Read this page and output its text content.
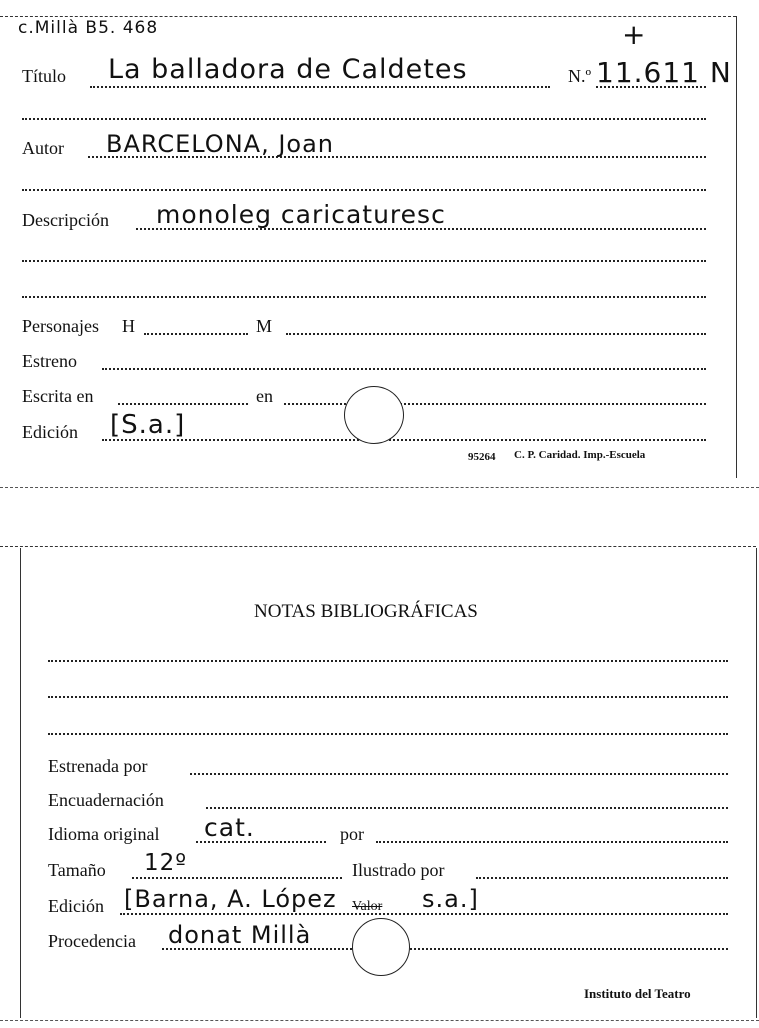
c.Millà B5. 468	+
Título La balladora de Caldetes	N.º 11.611 N
Autor BARCELONA, Joan
Descripción monoleg caricaturesc
Personajes H	M
Estreno
Escrita en	en
Edición [S.a.]
95264 C. P. Caridad. Imp.-Escuela
NOTAS BIBLIOGRÁFICAS
Estrenada por
Encuadernación
Idioma original cat.	por
Tamaño 12º	Ilustrado por
Edición [Barna, A. López Valor s.a.]
Procedencia donat Millà
Instituto del Teatro
